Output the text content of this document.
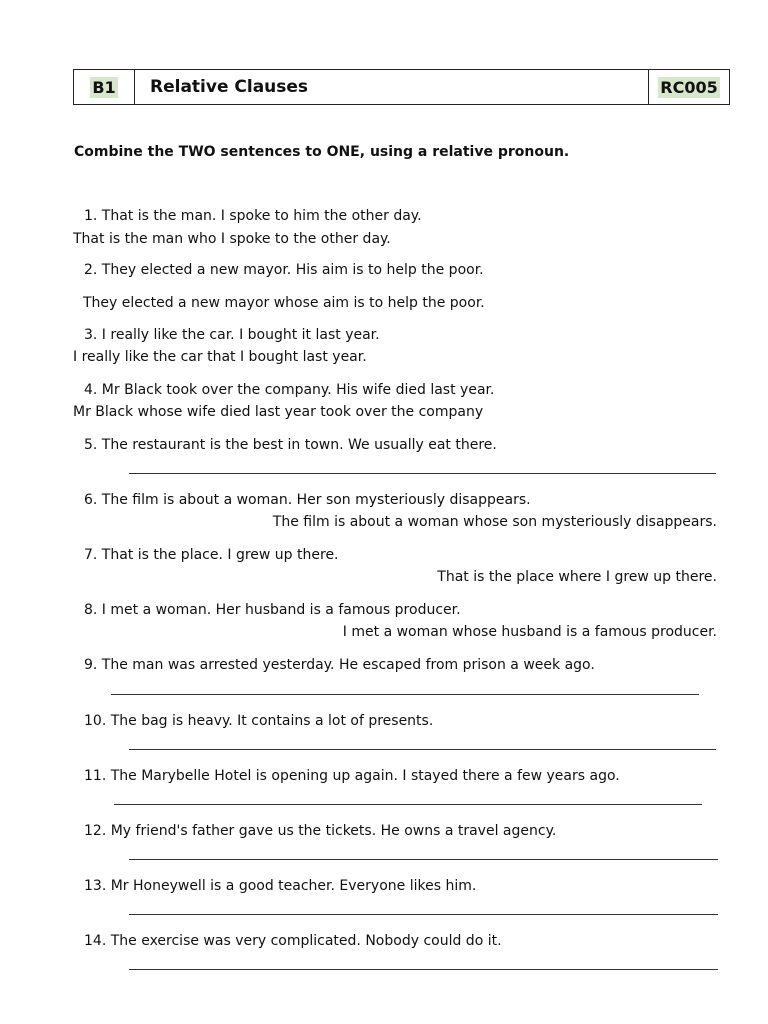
B1 Relative Clauses	RC005
Combine the TWO sentences to ONE, using a relative pronoun.
1. That is the man. I spoke to him the other day.
That is the man who I spoke to the other day.
2. They elected a new mayor. His aim is to help the poor.
They elected a new mayor whose aim is to help the poor.
3. I really like the car. I bought it last year.
I really like the car that I bought last year.
4. Mr Black took over the company. His wife died last year.
Mr Black whose wife died last year took over the company
5. The restaurant is the best in town. We usually eat there.
6. The film is about a woman. Her son mysteriously disappears.
The film is about a woman whose son mysteriously disappears.
7. That is the place. I grew up there.
That is the place where I grew up there.
8. I met a woman. Her husband is a famous producer.
I met a woman whose husband is a famous producer.
9. The man was arrested yesterday. He escaped from prison a week ago.
10. The bag is heavy. It contains a lot of presents.
11. The Marybelle Hotel is opening up again. I stayed there a few years ago.
12. My friend's father gave us the tickets. He owns a travel agency.
13. Mr Honeywell is a good teacher. Everyone likes him.
14. The exercise was very complicated. Nobody could do it.
